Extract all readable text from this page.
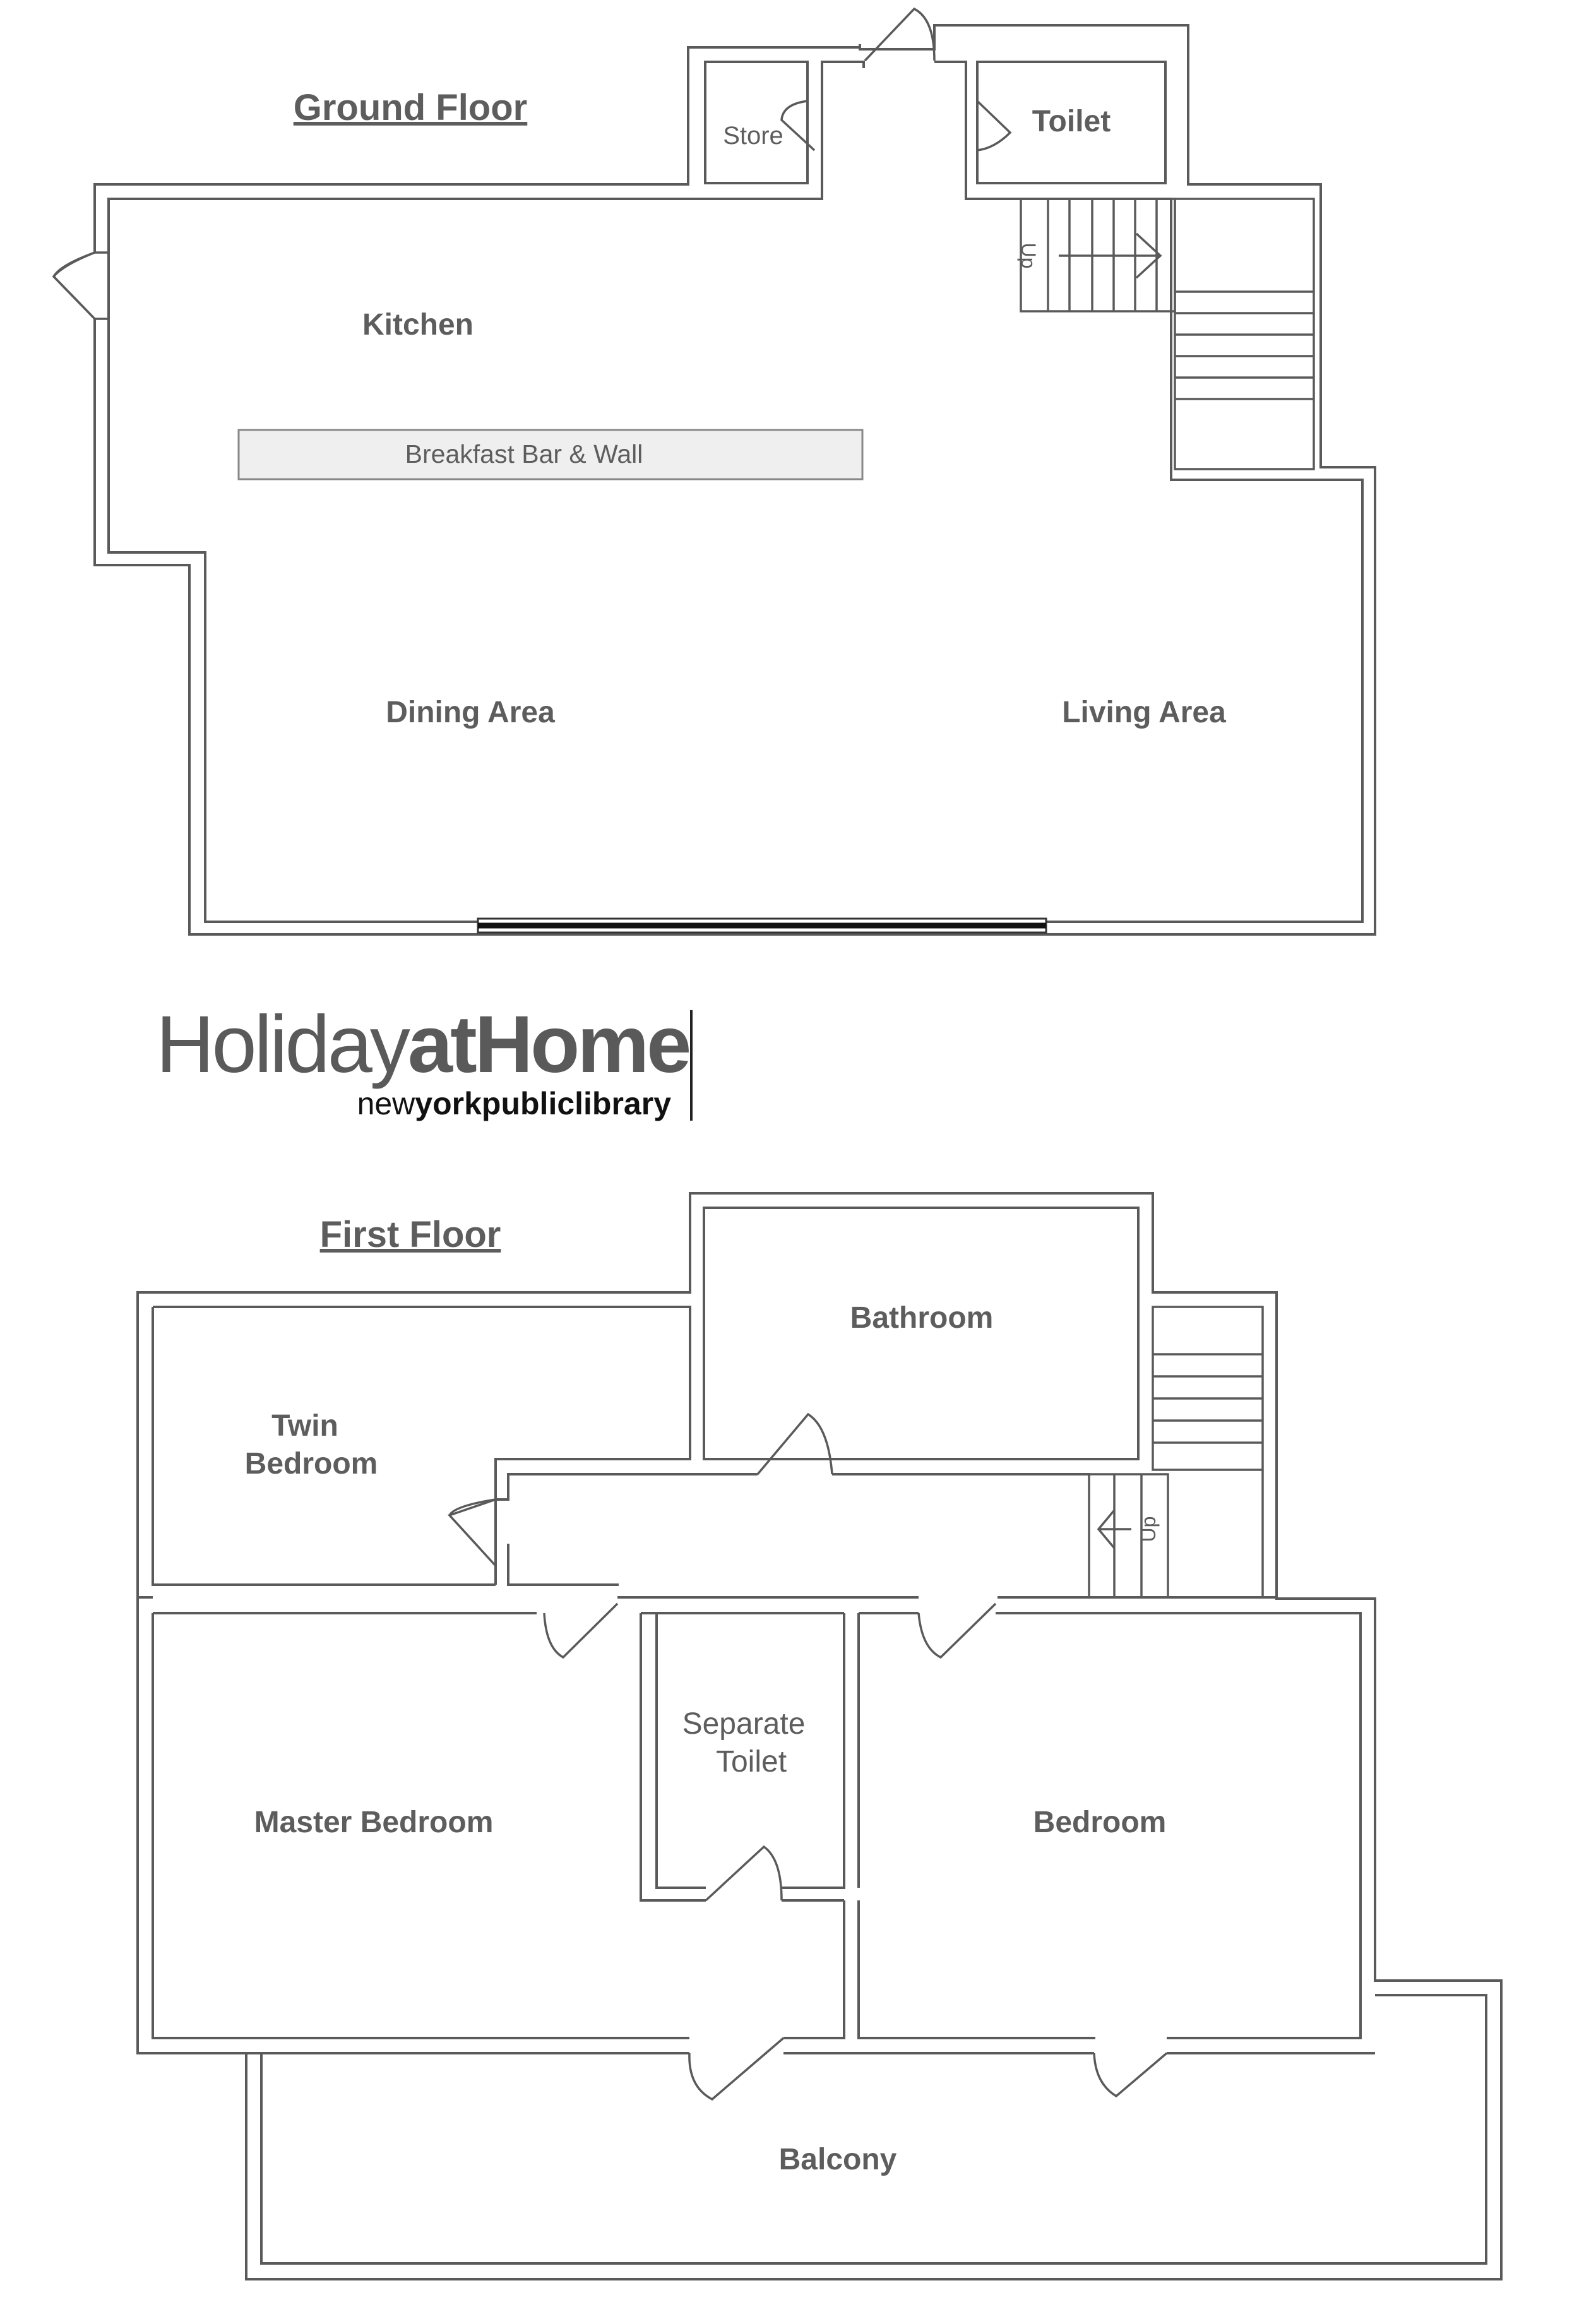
Ground Floor
Store	Toilet
Kitchen
Breakfast Bar & Wall
Dining Area	Living Area
Up
HolidayatHome
newyorkpubliclibrary
First Floor
Bathroom
Twin
Bedroom
Up
Separate
Toilet
Master Bedroom	Bedroom
Balcony
